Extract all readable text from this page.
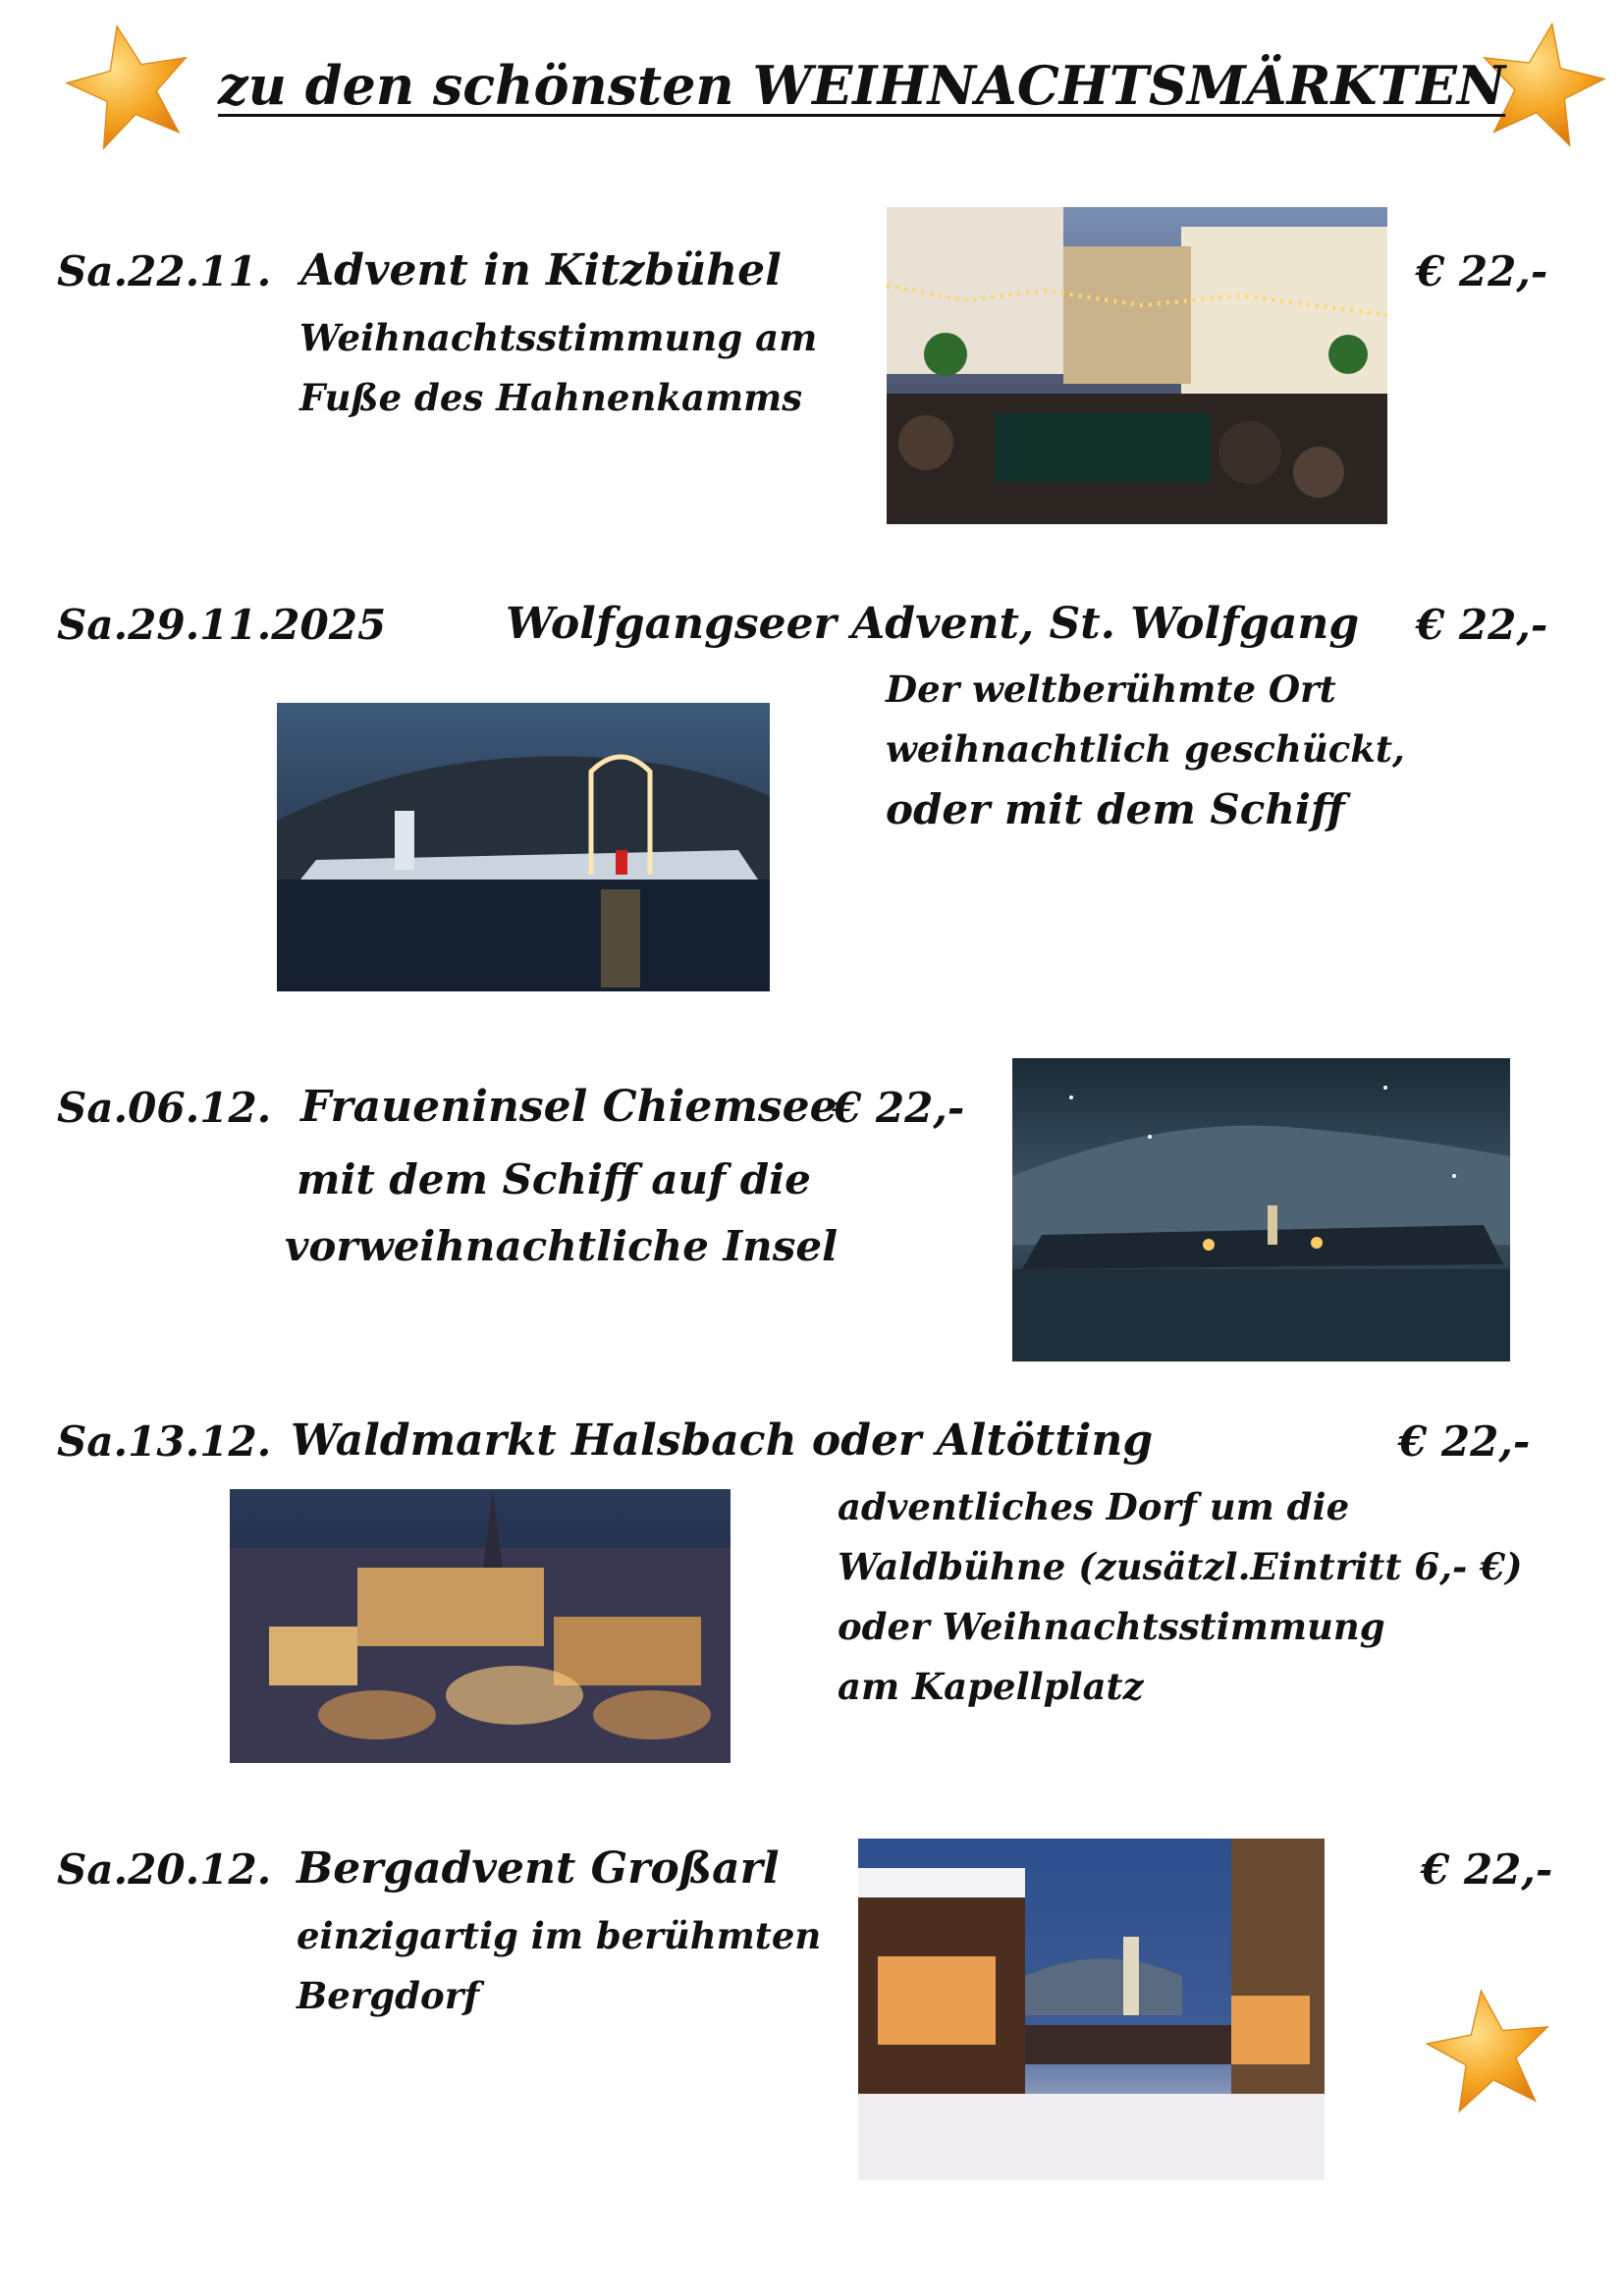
zu den schönsten WEIHNACHTSMÄRKTEN
Sa.22.11. Advent in Kitzbühel
Weihnachtsstimmung am
Fuße des Hahnenkamms
€ 22,-
Sa.29.11.2025	Wolfgangseer Advent, St. Wolfgang € 22,-
Der weltberühmte Ort
weihnachtlich geschückt,
oder mit dem Schiff
Sa.06.12. Fraueninsel Chiemsee
€ 22,-
mit dem Schiff auf die
vorweihnachtliche Insel
Sa.13.12. Waldmarkt Halsbach oder Altötting	€ 22,-
adventliches Dorf um die
Waldbühne (zusätzl.Eintritt 6,- €)
oder Weihnachtsstimmung
am Kapellplatz
Sa.20.12. Bergadvent Großarl	€ 22,-
einzigartig im berühmten
Bergdorf
